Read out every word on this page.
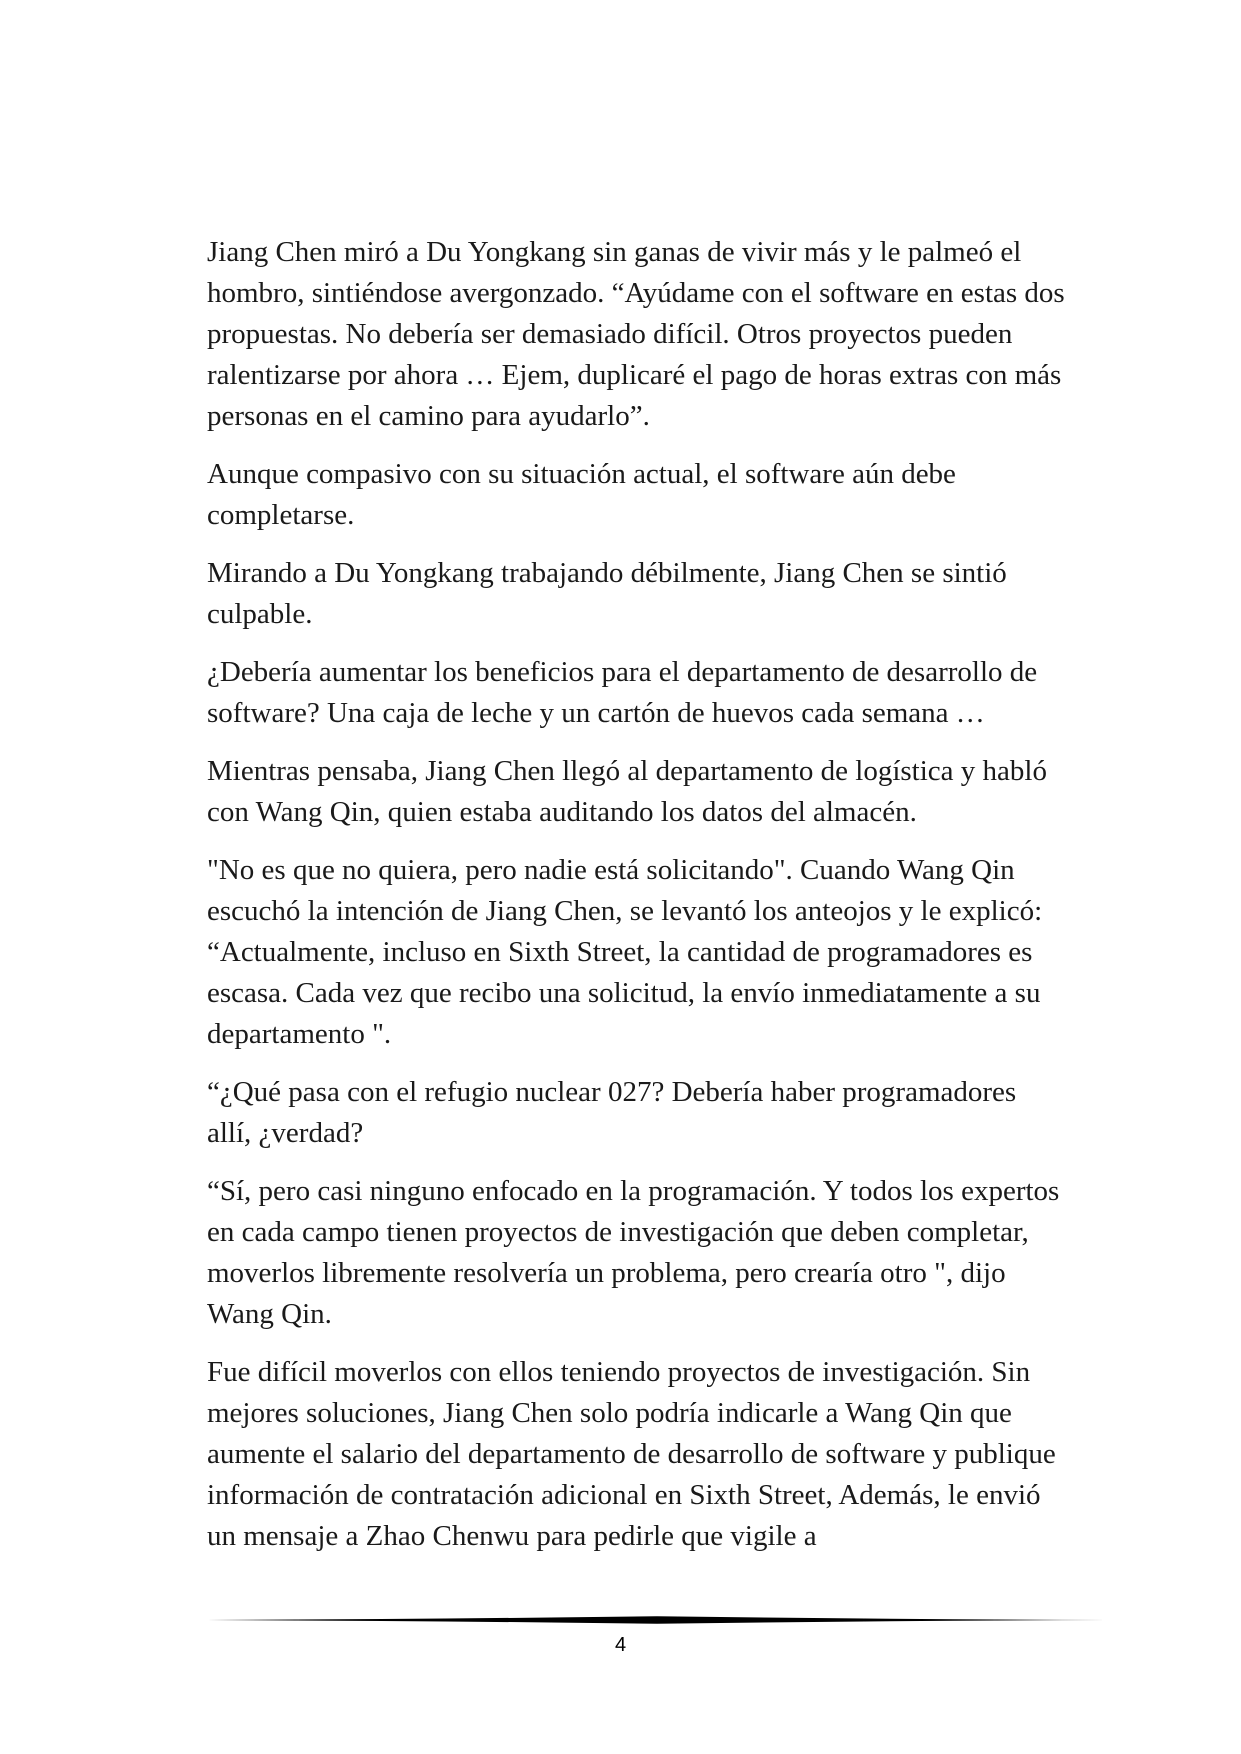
Jiang Chen miró a Du Yongkang sin ganas de vivir más y le palmeó el hombro, sintiéndose avergonzado. “Ayúdame con el software en estas dos propuestas. No debería ser demasiado difícil. Otros proyectos pueden ralentizarse por ahora … Ejem, duplicaré el pago de horas extras con más personas en el camino para ayudarlo”.

Aunque compasivo con su situación actual, el software aún debe completarse.

Mirando a Du Yongkang trabajando débilmente, Jiang Chen se sintió culpable.

¿Debería aumentar los beneficios para el departamento de desarrollo de software? Una caja de leche y un cartón de huevos cada semana …

Mientras pensaba, Jiang Chen llegó al departamento de logística y habló con Wang Qin, quien estaba auditando los datos del almacén.

"No es que no quiera, pero nadie está solicitando". Cuando Wang Qin escuchó la intención de Jiang Chen, se levantó los anteojos y le explicó: “Actualmente, incluso en Sixth Street, la cantidad de programadores es escasa. Cada vez que recibo una solicitud, la envío inmediatamente a su departamento ".

“¿Qué pasa con el refugio nuclear 027? Debería haber programadores allí, ¿verdad?

“Sí, pero casi ninguno enfocado en la programación. Y todos los expertos en cada campo tienen proyectos de investigación que deben completar, moverlos libremente resolvería un problema, pero crearía otro ", dijo Wang Qin.

Fue difícil moverlos con ellos teniendo proyectos de investigación. Sin mejores soluciones, Jiang Chen solo podría indicarle a Wang Qin que aumente el salario del departamento de desarrollo de software y publique información de contratación adicional en Sixth Street, Además, le envió un mensaje a Zhao Chenwu para pedirle que vigile a

4
